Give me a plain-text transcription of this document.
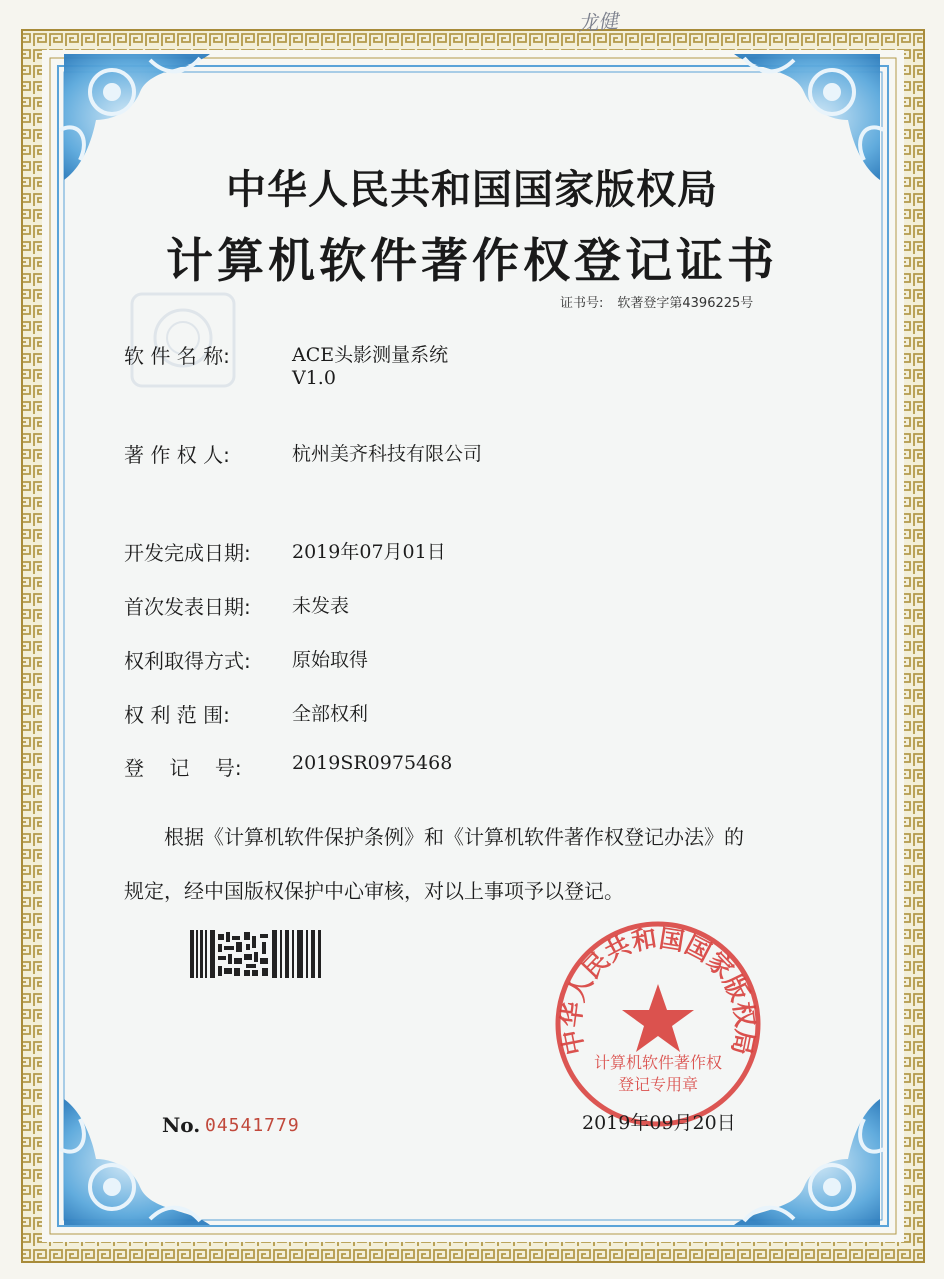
龙健
中华人民共和国国家版权局
计算机软件著作权登记证书
证书号: 软著登字第4396225号
软 件 名 称:	ACE头影测量系统
V1.0
著 作 权 人:	杭州美齐科技有限公司
开发完成日期: 2019年07月01日
首次发表日期: 未发表
权利取得方式: 原始取得
权 利 范 围:	全部权利
登    记    号:	2019SR0975468
根据《计算机软件保护条例》和《计算机软件著作权登记办法》的
规定，经中国版权保护中心审核，对以上事项予以登记。
中华人民共和国国家版权局
计算机软件著作权
登记专用章
2019年09月20日
No. 04541779
